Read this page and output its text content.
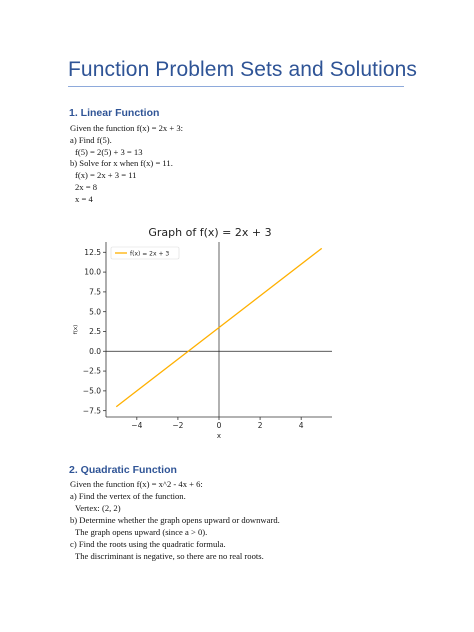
Function Problem Sets and Solutions
1. Linear Function
Given the function f(x) = 2x + 3:
a) Find f(5).
f(5) = 2(5) + 3 = 13
b) Solve for x when f(x) = 11.
f(x) = 2x + 3 = 11
2x = 8
x = 4
Graph of f(x) = 2x + 3
−4	−2	0	2	4
12.5
10.0
7.5
5.0
2.5
0.0
−2.5
−5.0
−7.5
x
f(x)
f(x) = 2x + 3
2. Quadratic Function
Given the function f(x) = x^2 - 4x + 6:
a) Find the vertex of the function.
Vertex: (2, 2)
b) Determine whether the graph opens upward or downward.
The graph opens upward (since a > 0).
c) Find the roots using the quadratic formula.
The discriminant is negative, so there are no real roots.
